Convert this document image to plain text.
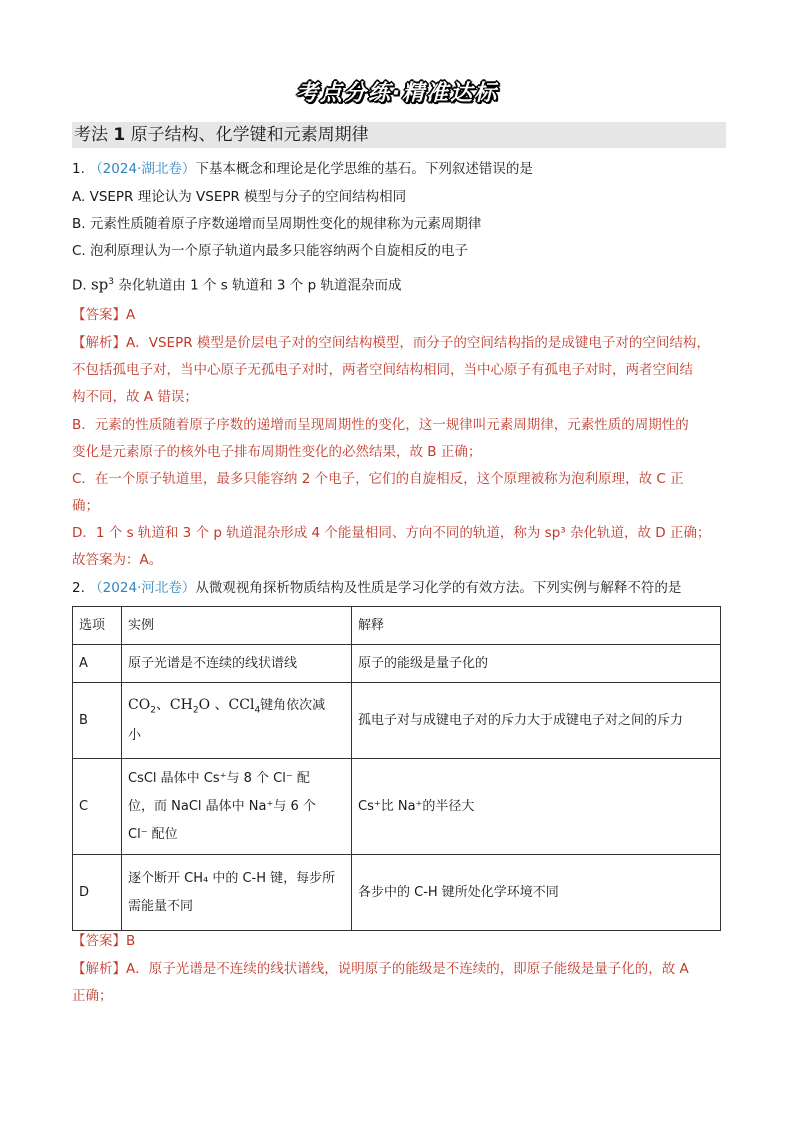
考点分练·精准达标
考法 1 原子结构、化学键和元素周期律
1. （2024·湖北卷）下基本概念和理论是化学思维的基石。下列叙述错误的是
A. VSEPR 理论认为 VSEPR 模型与分子的空间结构相同
B. 元素性质随着原子序数递增而呈周期性变化的规律称为元素周期律
C. 泡利原理认为一个原子轨道内最多只能容纳两个自旋相反的电子
D. $sp^3$ 杂化轨道由 1 个 s 轨道和 3 个 p 轨道混杂而成
【答案】A
【解析】A．VSEPR 模型是价层电子对的空间结构模型，而分子的空间结构指的是成键电子对的空间结构，
不包括孤电子对，当中心原子无孤电子对时，两者空间结构相同，当中心原子有孤电子对时，两者空间结
构不同，故 A 错误；
B．元素的性质随着原子序数的递增而呈现周期性的变化，这一规律叫元素周期律，元素性质的周期性的
变化是元素原子的核外电子排布周期性变化的必然结果，故 B 正确；
C．在一个原子轨道里，最多只能容纳 2 个电子，它们的自旋相反，这个原理被称为泡利原理，故 C 正
确；
D．1 个 s 轨道和 3 个 p 轨道混杂形成 4 个能量相同、方向不同的轨道，称为 sp³ 杂化轨道，故 D 正确；
故答案为：A。
2. （2024·河北卷）从微观视角探析物质结构及性质是学习化学的有效方法。下列实例与解释不符的是
选项	实例	解释
A	原子光谱是不连续的线状谱线	原子的能级是量子化的
B	$CO_2$、$CH_2O$ 、CCl$_4$键角依次减
小	孤电子对与成键电子对的斥力大于成键电子对之间的斥力
C	CsCl 晶体中 Cs⁺与 8 个 Cl⁻ 配
位，而 NaCl 晶体中 Na⁺与 6 个
Cl⁻ 配位	Cs⁺比 Na⁺的半径大
D	逐个断开 CH₄ 中的 C-H 键，每步所
需能量不同	各步中的 C-H 键所处化学环境不同
【答案】B
【解析】A．原子光谱是不连续的线状谱线，说明原子的能级是不连续的，即原子能级是量子化的，故 A
正确；
